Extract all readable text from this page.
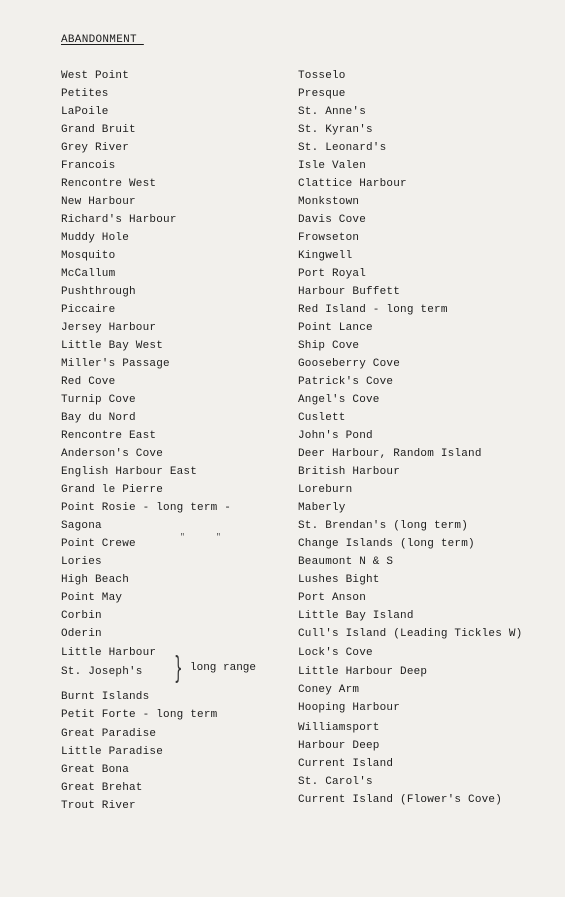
ABANDONMENT
West Point
Petites
LaPoile
Grand Bruit
Grey River
Francois
Rencontre West
New Harbour
Richard's Harbour
Muddy Hole
Mosquito
McCallum
Pushthrough
Piccaire
Jersey Harbour
Little Bay West
Miller's Passage
Red Cove
Turnip Cove
Bay du Nord
Rencontre East
Anderson's Cove
English Harbour East
Grand le Pierre
Point Rosie - long term -
Sagona
Point Crewe
Lories
High Beach
Point May
Corbin
Oderin
Little Harbour
St. Joseph's
Burnt Islands
Petit Forte - long term
Great Paradise
Little Paradise
Great Bona
Great Brehat
Trout River
Tosselo
Presque
St. Anne's
St. Kyran's
St. Leonard's
Isle Valen
Clattice Harbour
Monkstown
Davis Cove
Frowseton
Kingwell
Port Royal
Harbour Buffett
Red Island - long term
Point Lance
Ship Cove
Gooseberry Cove
Patrick's Cove
Angel's Cove
Cuslett
John's Pond
Deer Harbour, Random Island
British Harbour
Loreburn
Maberly
St. Brendan's (long term)
Change Islands (long term)
Beaumont N & S
Lushes Bight
Port Anson
Little Bay Island
Cull's Island (Leading Tickles W)
Lock's Cove
Little Harbour Deep
Coney Arm
Hooping Harbour
Williamsport
Harbour Deep
Current Island
St. Carol's
Current Island (Flower's Cove)
"	"
} long range
